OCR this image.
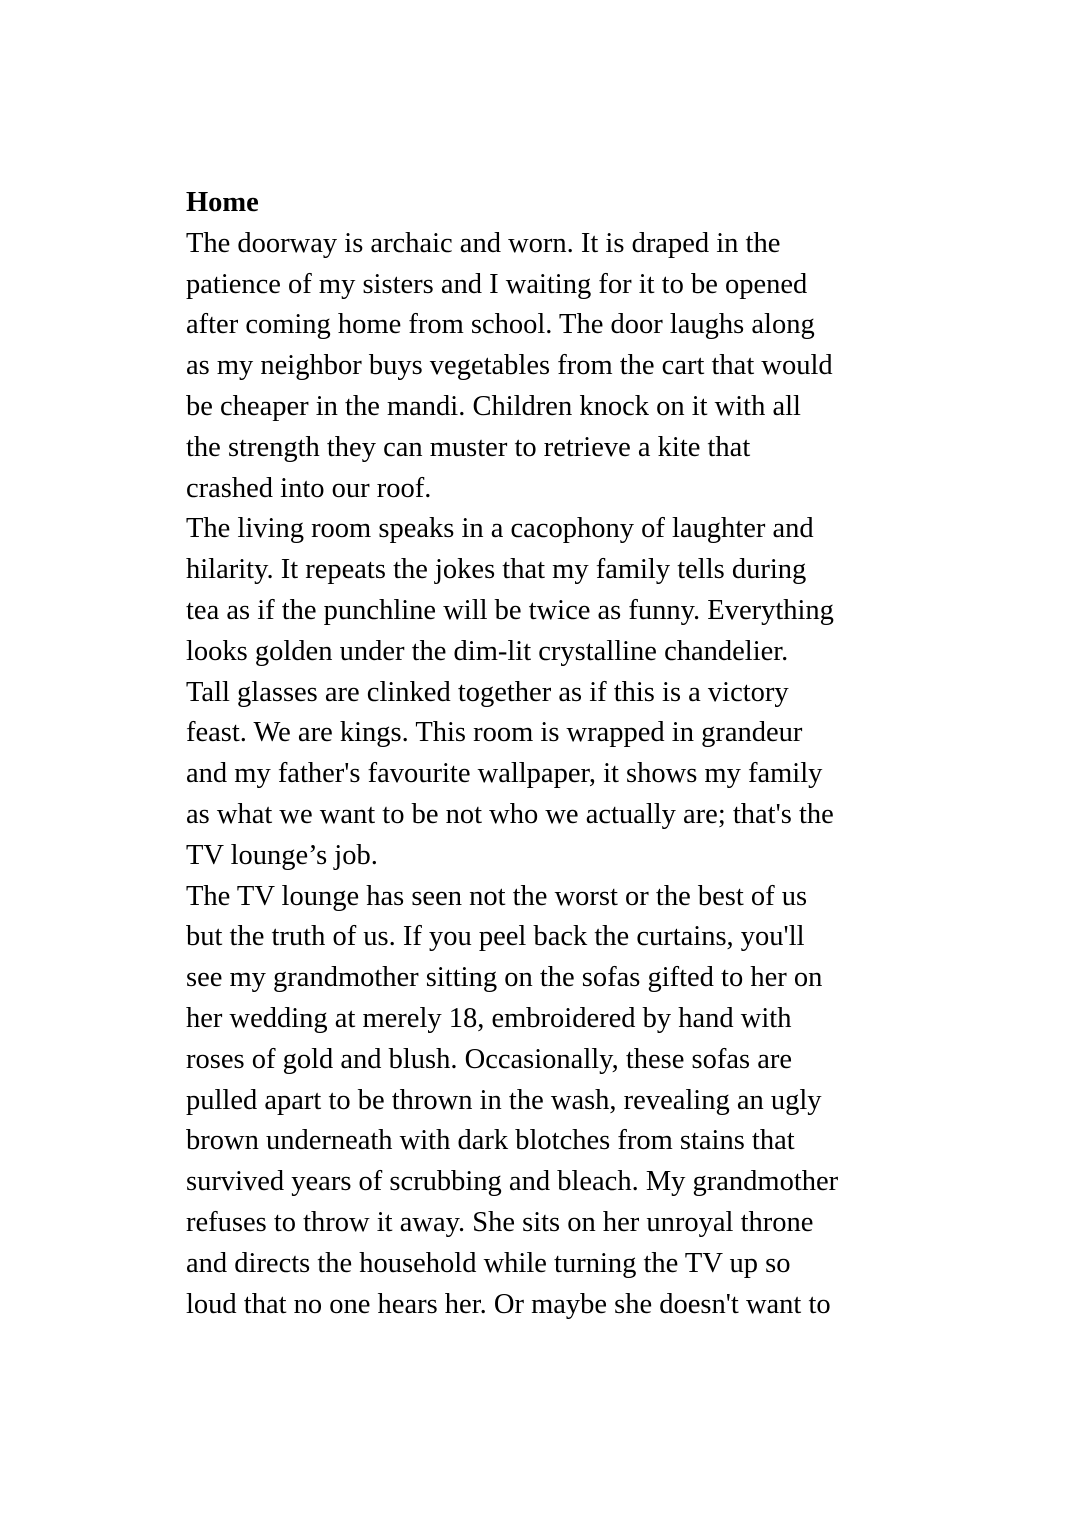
Home
The doorway is archaic and worn. It is draped in the
patience of my sisters and I waiting for it to be opened
after coming home from school. The door laughs along
as my neighbor buys vegetables from the cart that would
be cheaper in the mandi. Children knock on it with all
the strength they can muster to retrieve a kite that
crashed into our roof.
The living room speaks in a cacophony of laughter and
hilarity. It repeats the jokes that my family tells during
tea as if the punchline will be twice as funny. Everything
looks golden under the dim-lit crystalline chandelier.
Tall glasses are clinked together as if this is a victory
feast. We are kings. This room is wrapped in grandeur
and my father's favourite wallpaper, it shows my family
as what we want to be not who we actually are; that's the
TV lounge’s job.
The TV lounge has seen not the worst or the best of us
but the truth of us. If you peel back the curtains, you'll
see my grandmother sitting on the sofas gifted to her on
her wedding at merely 18, embroidered by hand with
roses of gold and blush. Occasionally, these sofas are
pulled apart to be thrown in the wash, revealing an ugly
brown underneath with dark blotches from stains that
survived years of scrubbing and bleach. My grandmother
refuses to throw it away. She sits on her unroyal throne
and directs the household while turning the TV up so
loud that no one hears her. Or maybe she doesn't want to
